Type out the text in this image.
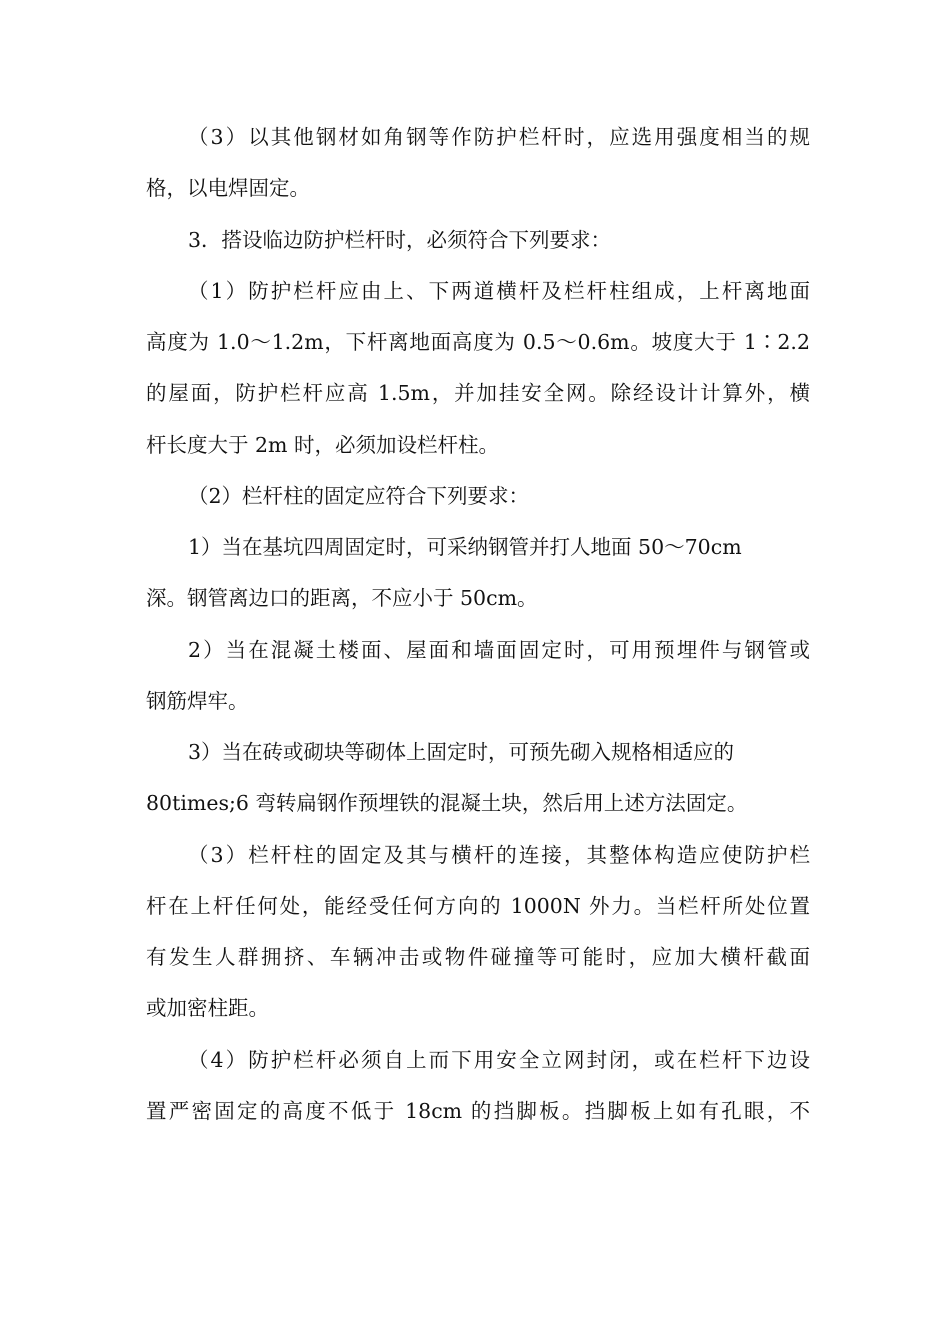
（3）以其他钢材如角钢等作防护栏杆时，应选用强度相当的规
格，以电焊固定。
3．搭设临边防护栏杆时，必须符合下列要求：
（1）防护栏杆应由上、下两道横杆及栏杆柱组成，上杆离地面
高度为 1.0～1.2m，下杆离地面高度为 0.5～0.6m。坡度大于 1∶2.2
的屋面，防护栏杆应高 1.5m，并加挂安全网。除经设计计算外，横
杆长度大于 2m 时，必须加设栏杆柱。
（2）栏杆柱的固定应符合下列要求：
1）当在基坑四周固定时，可采纳钢管并打人地面 50～70cm
深。钢管离边口的距离，不应小于 50cm。
2）当在混凝土楼面、屋面和墙面固定时，可用预埋件与钢管或
钢筋焊牢。
3）当在砖或砌块等砌体上固定时，可预先砌入规格相适应的
80times;6 弯转扁钢作预埋铁的混凝土块，然后用上述方法固定。
（3）栏杆柱的固定及其与横杆的连接，其整体构造应使防护栏
杆在上杆任何处，能经受任何方向的 1000N 外力。当栏杆所处位置
有发生人群拥挤、车辆冲击或物件碰撞等可能时，应加大横杆截面
或加密柱距。
（4）防护栏杆必须自上而下用安全立网封闭，或在栏杆下边设
置严密固定的高度不低于 18cm 的挡脚板。挡脚板上如有孔眼，不
